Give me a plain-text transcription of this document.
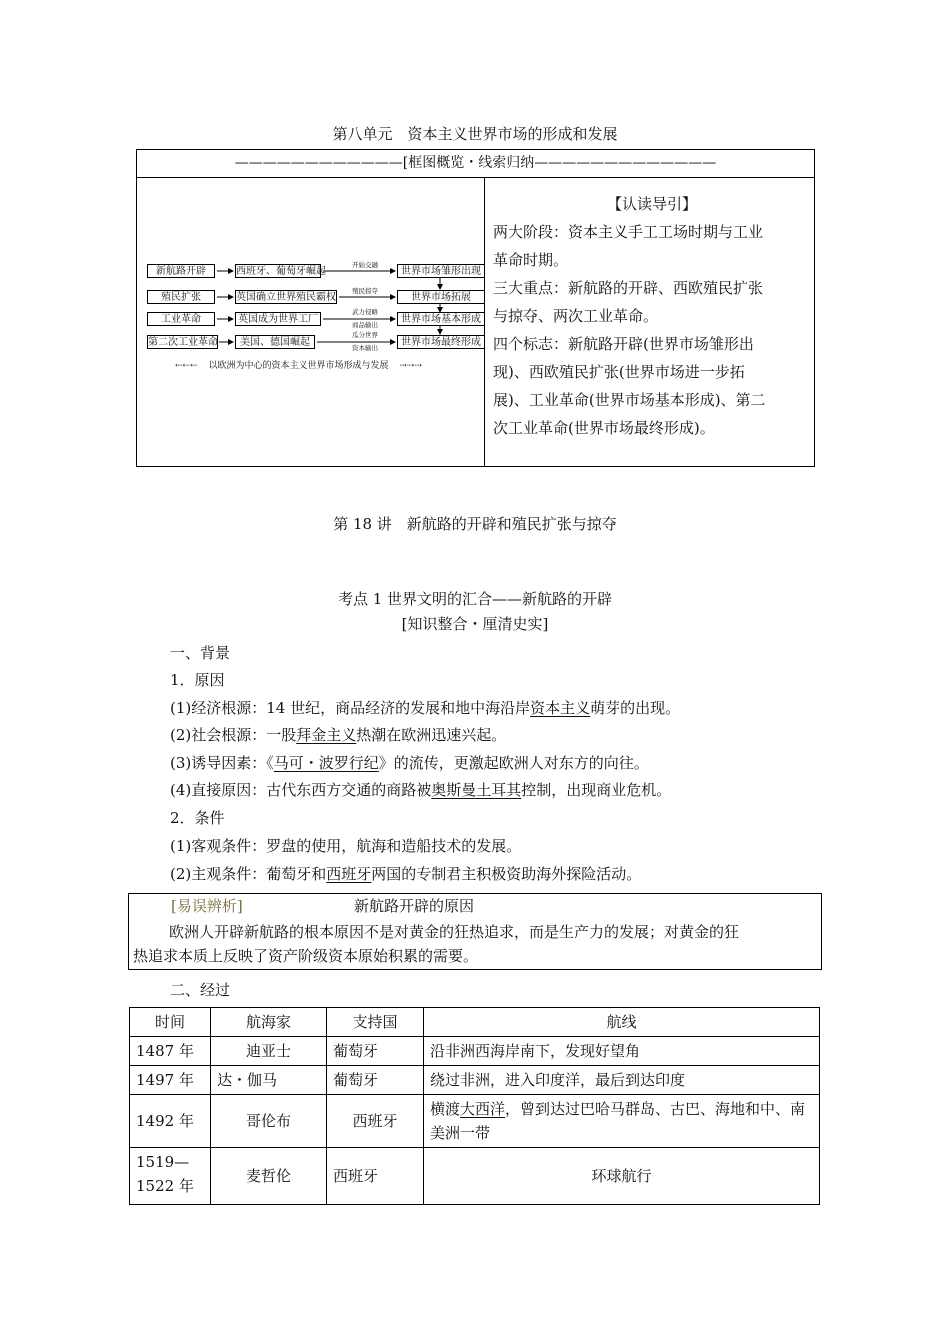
第八单元　资本主义世界市场的形成和发展
————————————[框图概览・线索归纳—————————————
新航路开辟
殖民扩张
工业革命
第二次工业革命
西班牙、葡萄牙崛起
英国确立世界殖民霸权
英国成为世界工厂
美国、德国崛起
开始交融
殖民掠夺
武力侵略
商品输出
瓜分世界
资本输出
世界市场雏形出现
世界市场拓展
世界市场基本形成
世界市场最终形成
⇠⇠⇠ 以欧洲为中心的资本主义世界市场形成与发展 ⇢⇢⇢

【认读导引】

两大阶段：资本主义手工工场时期与工业

革命时期。

三大重点：新航路的开辟、西欧殖民扩张

与掠夺、两次工业革命。

四个标志：新航路开辟(世界市场雏形出

现)、西欧殖民扩张(世界市场进一步拓

展)、工业革命(世界市场基本形成)、第二

次工业革命(世界市场最终形成)。

第 18 讲　新航路的开辟和殖民扩张与掠夺
考点 1 世界文明的汇合——新航路的开辟
[知识整合・厘清史实]
一、背景
1．原因
(1)经济根源：14 世纪，商品经济的发展和地中海沿岸资本主义萌芽的出现。
(2)社会根源：一股拜金主义热潮在欧洲迅速兴起。
(3)诱导因素：《马可・波罗行纪》的流传，更激起欧洲人对东方的向往。
(4)直接原因：古代东西方交通的商路被奥斯曼土耳其控制，出现商业危机。
2．条件
(1)客观条件：罗盘的使用，航海和造船技术的发展。
(2)主观条件：葡萄牙和西班牙两国的专制君主积极资助海外探险活动。
[易误辨析]	新航路开辟的原因
欧洲人开辟新航路的根本原因不是对黄金的狂热追求，而是生产力的发展；对黄金的狂
热追求本质上反映了资产阶级资本原始积累的需要。
二、经过
时间	航海家	支持国	航线
1487 年	迪亚士	葡萄牙	沿非洲西海岸南下，发现好望角
1497 年	达・伽马	葡萄牙	绕过非洲，进入印度洋，最后到达印度
1492 年	哥伦布	西班牙	横渡大西洋，曾到达过巴哈马群岛、古巴、海地和中、南美洲一带
1519—1522 年	麦哲伦	西班牙	环球航行
